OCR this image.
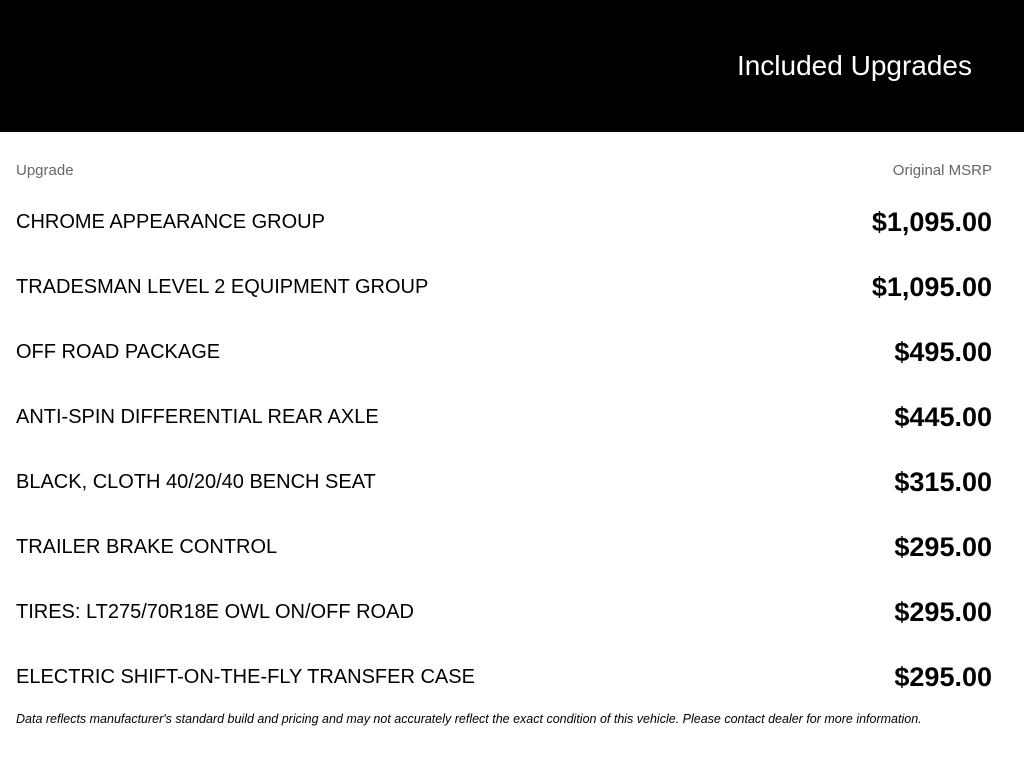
Included Upgrades
Upgrade	Original MSRP
CHROME APPEARANCE GROUP	$1,095.00
TRADESMAN LEVEL 2 EQUIPMENT GROUP	$1,095.00
OFF ROAD PACKAGE	$495.00
ANTI-SPIN DIFFERENTIAL REAR AXLE	$445.00
BLACK, CLOTH 40/20/40 BENCH SEAT	$315.00
TRAILER BRAKE CONTROL	$295.00
TIRES: LT275/70R18E OWL ON/OFF ROAD	$295.00
ELECTRIC SHIFT-ON-THE-FLY TRANSFER CASE	$295.00
Data reflects manufacturer's standard build and pricing and may not accurately reflect the exact condition of this vehicle. Please contact dealer for more information.
